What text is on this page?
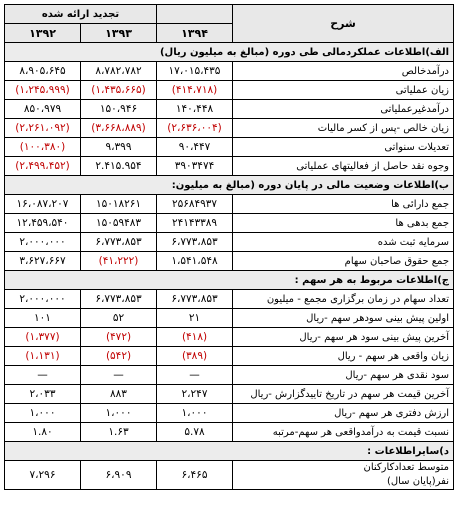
شرح		تجدید ارائه شده	
	۱۳۹۴	۱۳۹۳	۱۳۹۲
الف)اطلاعات عملکردمالی طی دوره (مبالغ به میلیون ریال)			
درآمدخالص	۱۷،۰۱۵،۴۳۵	۸،۷۸۲،۷۸۲	۸،۹۰۵،۶۴۵
زیان عملیاتی	(۴۱۴،۷۱۸)	(۱،۴۳۵،۶۶۵)	(۱،۲۴۵،۹۹۹)
درآمدغیرعملیاتی	۱۴۰،۴۴۸	۱۵۰،۹۴۶	۸۵۰،۹۷۹
زیان خالص -پس از کسر مالیات	(۲،۶۳۶،۰۰۴)	(۳،۶۶۸،۸۸۹)	(۲،۲۶۱،۰۹۲)
تعدیلات سنواتی	۹۰،۴۴۷	۹،۳۹۹	(۱۰۰،۳۸۰)
وجوه نقد حاصل از فعالیتهای عملیاتی	۳۹۰۳۴۷۴	۲.۴۱۵.۹۵۴	(۲،۴۹۹،۴۵۲)
ب)اطلاعات وضعیت مالی در پایان دوره (مبالغ به میلیون:			
جمع دارائی ها	۲۵۶۸۴۹۳۷	۱۵۰۱۸۲۶۱	۱۶،۰۸۷،۲۰۷
جمع بدهی ها	۲۴۱۴۳۳۸۹	۱۵۰۵۹۴۸۳	۱۲،۴۵۹،۵۴۰
سرمایه ثبت شده	۶،۷۷۳،۸۵۳	۶،۷۷۳،۸۵۳	۲،۰۰۰،۰۰۰
جمع حقوق صاحبان سهام	۱،۵۴۱،۵۴۸	(۴۱،۲۲۲)	۳،۶۲۷،۶۶۷
ج)اطلاعات مربوط به هر سهم :			
تعداد سهام در زمان برگزاری مجمع - میلیون	۶،۷۷۳،۸۵۳	۶،۷۷۳،۸۵۳	۲،۰۰۰،۰۰۰
اولین پیش بینی سودهر سهم -ریال	۲۱	۵۲	۱۰۱
آخرین پیش بینی سود هر سهم -ریال	(۴۱۸)	(۴۷۲)	(۱،۳۷۷)
زیان واقعی هر سهم - ریال	(۳۸۹)	(۵۴۲)	(۱،۱۳۱)
سود نقدی هر سهم -ریال	—	—	—
آخرین قیمت هر سهم در تاریخ تاییدگزارش -ریال	۲،۲۴۷	۸۸۳	۲،۰۳۳
ارزش دفتری هر سهم -ریال	۱،۰۰۰	۱،۰۰۰	۱،۰۰۰
نسبت قیمت به درآمدواقعی هر سهم-مرتبه	۵.۷۸	۱.۶۳	۱.۸۰
د)سایراطلاعات :			

متوسط تعدادکارکنان
نفر(پایان سال)	۶،۴۶۵	۶،۹۰۹	۷،۲۹۶
